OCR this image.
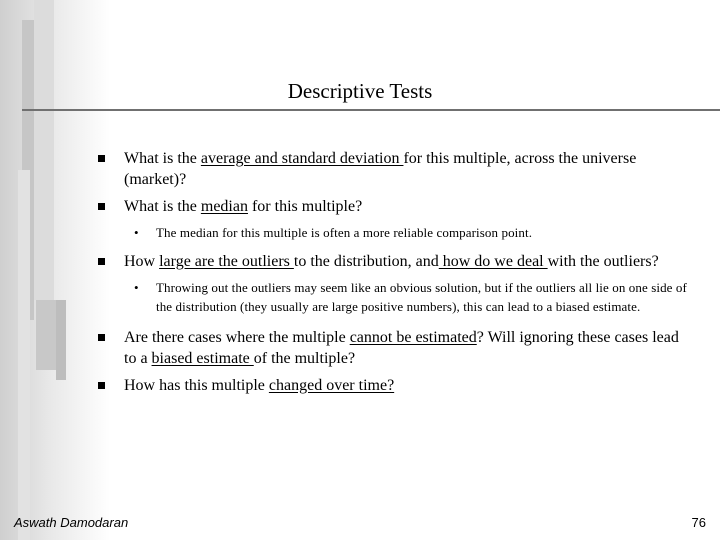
Descriptive Tests
What is the average and standard deviation for this multiple, across the universe (market)?
What is the median for this multiple?
• The median for this multiple is often a more reliable comparison point.
How large are the outliers to the distribution, and how do we deal with the outliers?
• Throwing out the outliers may seem like an obvious solution, but if the outliers all lie on one side of the distribution (they usually are large positive numbers), this can lead to a biased estimate.
Are there cases where the multiple cannot be estimated? Will ignoring these cases lead to a biased estimate of the multiple?
How has this multiple changed over time?
Aswath Damodaran	76
